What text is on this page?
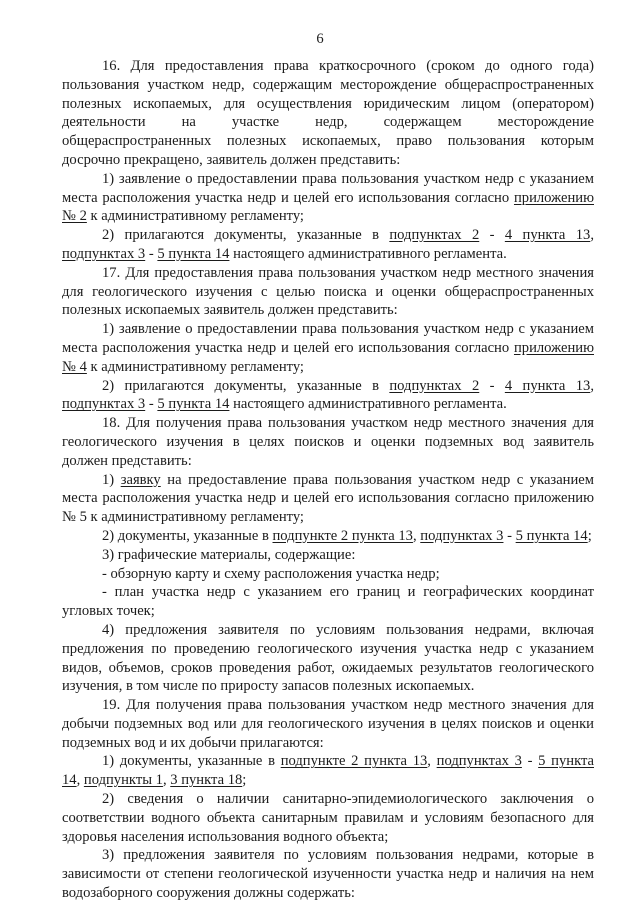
6
16. Для предоставления права краткосрочного (сроком до одного года)
пользования участком недр, содержащим месторождение общераспространенных
полезных ископаемых, для осуществления юридическим лицом (оператором)
деятельности на участке недр, содержащем месторождение
общераспространенных полезных ископаемых, право пользования которым
досрочно прекращено, заявитель должен представить:
1) заявление о предоставлении права пользования участком недр с указанием
места расположения участка недр и целей его использования согласно приложению
№ 2 к административному регламенту;
2) прилагаются документы, указанные в подпунктах 2 - 4 пункта 13,
подпунктах 3 - 5 пункта 14 настоящего административного регламента.
17. Для предоставления права пользования участком недр местного значения
для геологического изучения с целью поиска и оценки общераспространенных
полезных ископаемых заявитель должен представить:
1) заявление о предоставлении права пользования участком недр с указанием
места расположения участка недр и целей его использования согласно приложению
№ 4 к административному регламенту;
2) прилагаются документы, указанные в подпунктах 2 - 4 пункта 13,
подпунктах 3 - 5 пункта 14 настоящего административного регламента.
18. Для получения права пользования участком недр местного значения для
геологического изучения в целях поисков и оценки подземных вод заявитель
должен представить:
1) заявку на предоставление права пользования участком недр с указанием
места расположения участка недр и целей его использования согласно приложению
№ 5 к административному регламенту;
2) документы, указанные в подпункте 2 пункта 13, подпунктах 3 - 5 пункта 14;
3) графические материалы, содержащие:
- обзорную карту и схему расположения участка недр;
- план участка недр с указанием его границ и географических координат
угловых точек;
4) предложения заявителя по условиям пользования недрами, включая
предложения по проведению геологического изучения участка недр с указанием
видов, объемов, сроков проведения работ, ожидаемых результатов геологического
изучения, в том числе по приросту запасов полезных ископаемых.
19. Для получения права пользования участком недр местного значения для
добычи подземных вод или для геологического изучения в целях поисков и оценки
подземных вод и их добычи прилагаются:
1) документы, указанные в подпункте 2 пункта 13, подпунктах 3 - 5 пункта
14, подпункты 1, 3 пункта 18;
2) сведения о наличии санитарно-эпидемиологического заключения о
соответствии водного объекта санитарным правилам и условиям безопасного для
здоровья населения использования водного объекта;
3) предложения заявителя по условиям пользования недрами, которые в
зависимости от степени геологической изученности участка недр и наличия на нем
водозаборного сооружения должны содержать:
